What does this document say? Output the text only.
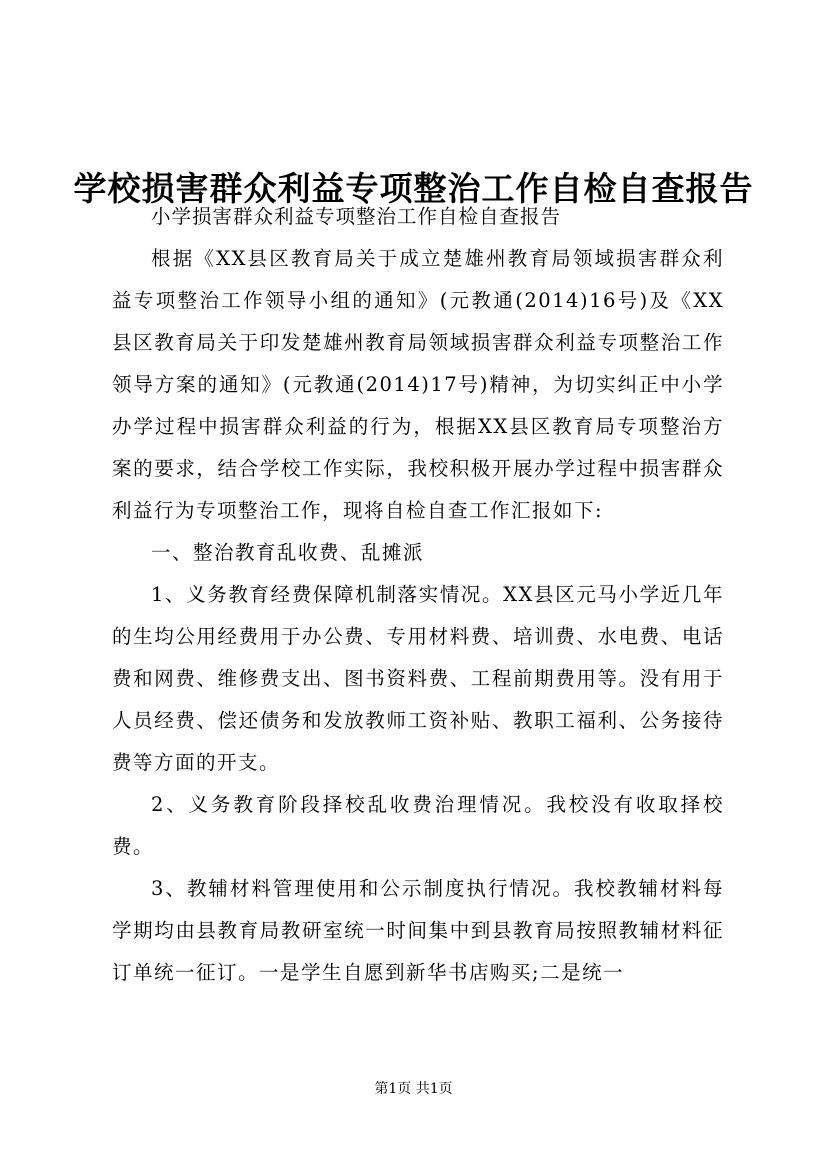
学校损害群众利益专项整治工作自检自查报告

小学损害群众利益专项整治工作自检自查报告

根据《XX县区教育局关于成立楚雄州教育局领域损害群众利益专项整治工作领导小组的通知》(元教通(2014)16号)及《XX县区教育局关于印发楚雄州教育局领域损害群众利益专项整治工作领导方案的通知》(元教通(2014)17号)精神，为切实纠正中小学办学过程中损害群众利益的行为，根据XX县区教育局专项整治方案的要求，结合学校工作实际，我校积极开展办学过程中损害群众利益行为专项整治工作，现将自检自查工作汇报如下:

一、整治教育乱收费、乱摊派

1、义务教育经费保障机制落实情况。XX县区元马小学近几年的生均公用经费用于办公费、专用材料费、培训费、水电费、电话费和网费、维修费支出、图书资料费、工程前期费用等。没有用于人员经费、偿还债务和发放教师工资补贴、教职工福利、公务接待费等方面的开支。

2、义务教育阶段择校乱收费治理情况。我校没有收取择校费。

3、教辅材料管理使用和公示制度执行情况。我校教辅材料每学期均由县教育局教研室统一时间集中到县教育局按照教辅材料征订单统一征订。一是学生自愿到新华书店购买;二是统一

第1页 共1页
